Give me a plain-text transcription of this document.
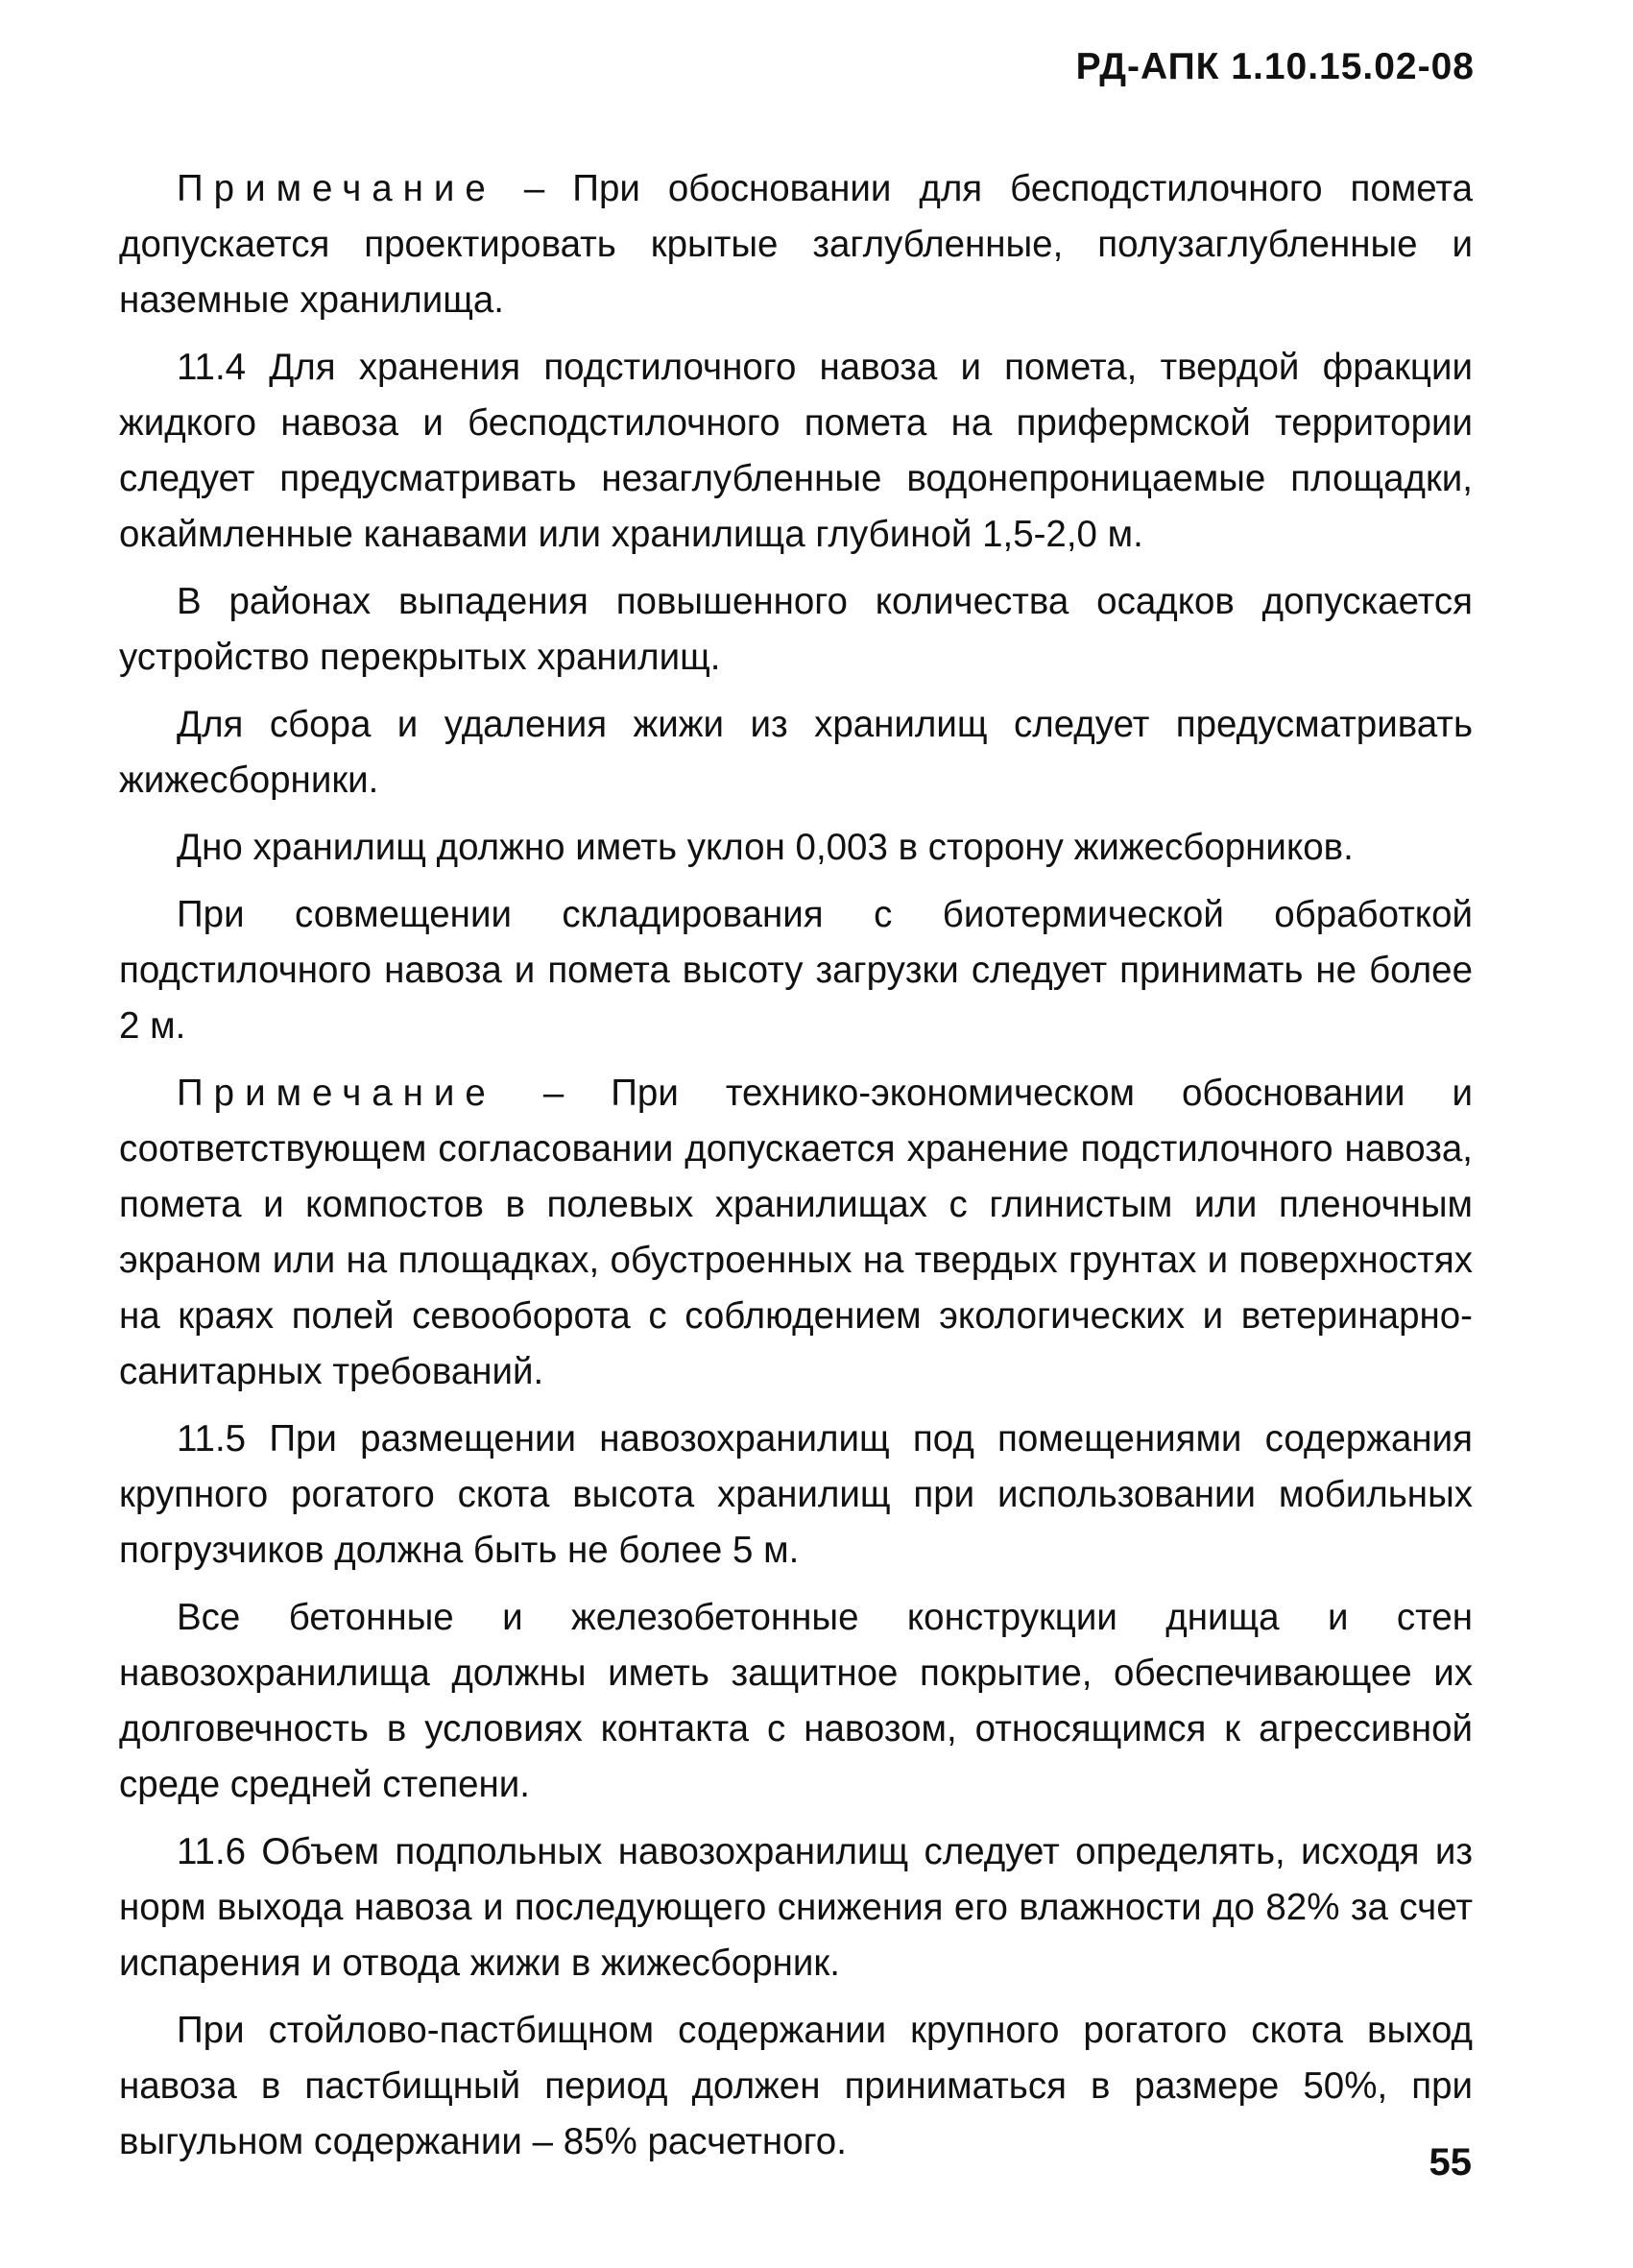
РД-АПК 1.10.15.02-08

Примечание – При обосновании для бесподстилочного помета допускается проектировать крытые заглубленные, полузаглубленные и наземные хранилища.

11.4 Для хранения подстилочного навоза и помета, твердой фракции жидкого навоза и бесподстилочного помета на прифермской территории следует предусматривать незаглубленные водонепроницаемые площадки, окаймленные канавами или хранилища глубиной 1,5-2,0 м.

В районах выпадения повышенного количества осадков допускается устройство перекрытых хранилищ.

Для сбора и удаления жижи из хранилищ следует предусматривать жижесборники.

Дно хранилищ должно иметь уклон 0,003 в сторону жижесборников.

При совмещении складирования с биотермической обработкой подстилочного навоза и помета высоту загрузки следует принимать не более 2 м.

Примечание – При технико-экономическом обосновании и соответствующем согласовании допускается хранение подстилочного навоза, помета и компостов в полевых хранилищах с глинистым или пленочным экраном или на площадках, обустроенных на твердых грунтах и поверхностях на краях полей севооборота с соблюдением экологических и ветеринарно-санитарных требований.

11.5 При размещении навозохранилищ под помещениями содержания крупного рогатого скота высота хранилищ при использовании мобильных погрузчиков должна быть не более 5 м.

Все бетонные и железобетонные конструкции днища и стен навозохранилища должны иметь защитное покрытие, обеспечивающее их долговечность в условиях контакта с навозом, относящимся к агрессивной среде средней степени.

11.6 Объем подпольных навозохранилищ следует определять, исходя из норм выхода навоза и последующего снижения его влажности до 82% за счет испарения и отвода жижи в жижесборник.

При стойлово-пастбищном содержании крупного рогатого скота выход навоза в пастбищный период должен приниматься в размере 50%, при выгульном содержании – 85% расчетного.	55
